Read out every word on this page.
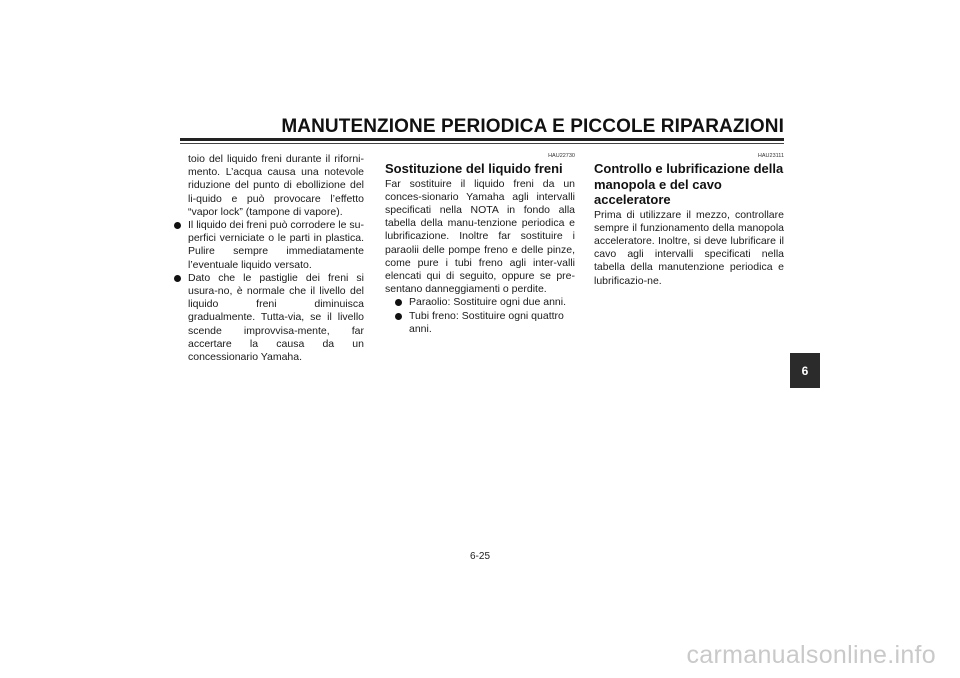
MANUTENZIONE PERIODICA E PICCOLE RIPARAZIONI

toio del liquido freni durante il riforni-mento. L’acqua causa una notevole riduzione del punto di ebollizione del li-quido e può provocare l’effetto “vapor lock” (tampone di vapore).

Il liquido dei freni può corrodere le su-perfici verniciate o le parti in plastica. Pulire sempre immediatamente l’eventuale liquido versato.

Dato che le pastiglie dei freni si usura-no, è normale che il livello del liquido freni diminuisca gradualmente. Tutta-via, se il livello scende improvvisa-mente, far accertare la causa da un concessionario Yamaha.

HAU22730
Sostituzione del liquido freni

Far sostituire il liquido freni da un conces-sionario Yamaha agli intervalli specificati nella NOTA in fondo alla tabella della manu-tenzione periodica e lubrificazione. Inoltre far sostituire i paraolii delle pompe freno e delle pinze, come pure i tubi freno agli inter-valli elencati qui di seguito, oppure se pre-sentano danneggiamenti o perdite.

Paraolio: Sostituire ogni due anni.

Tubi freno: Sostituire ogni quattro anni.

HAU23111
Controllo e lubrificazione della manopola e del cavo acceleratore

Prima di utilizzare il mezzo, controllare sempre il funzionamento della manopola acceleratore. Inoltre, si deve lubrificare il cavo agli intervalli specificati nella tabella della manutenzione periodica e lubrificazio-ne.

6
6-25
carmanualsonline.info
